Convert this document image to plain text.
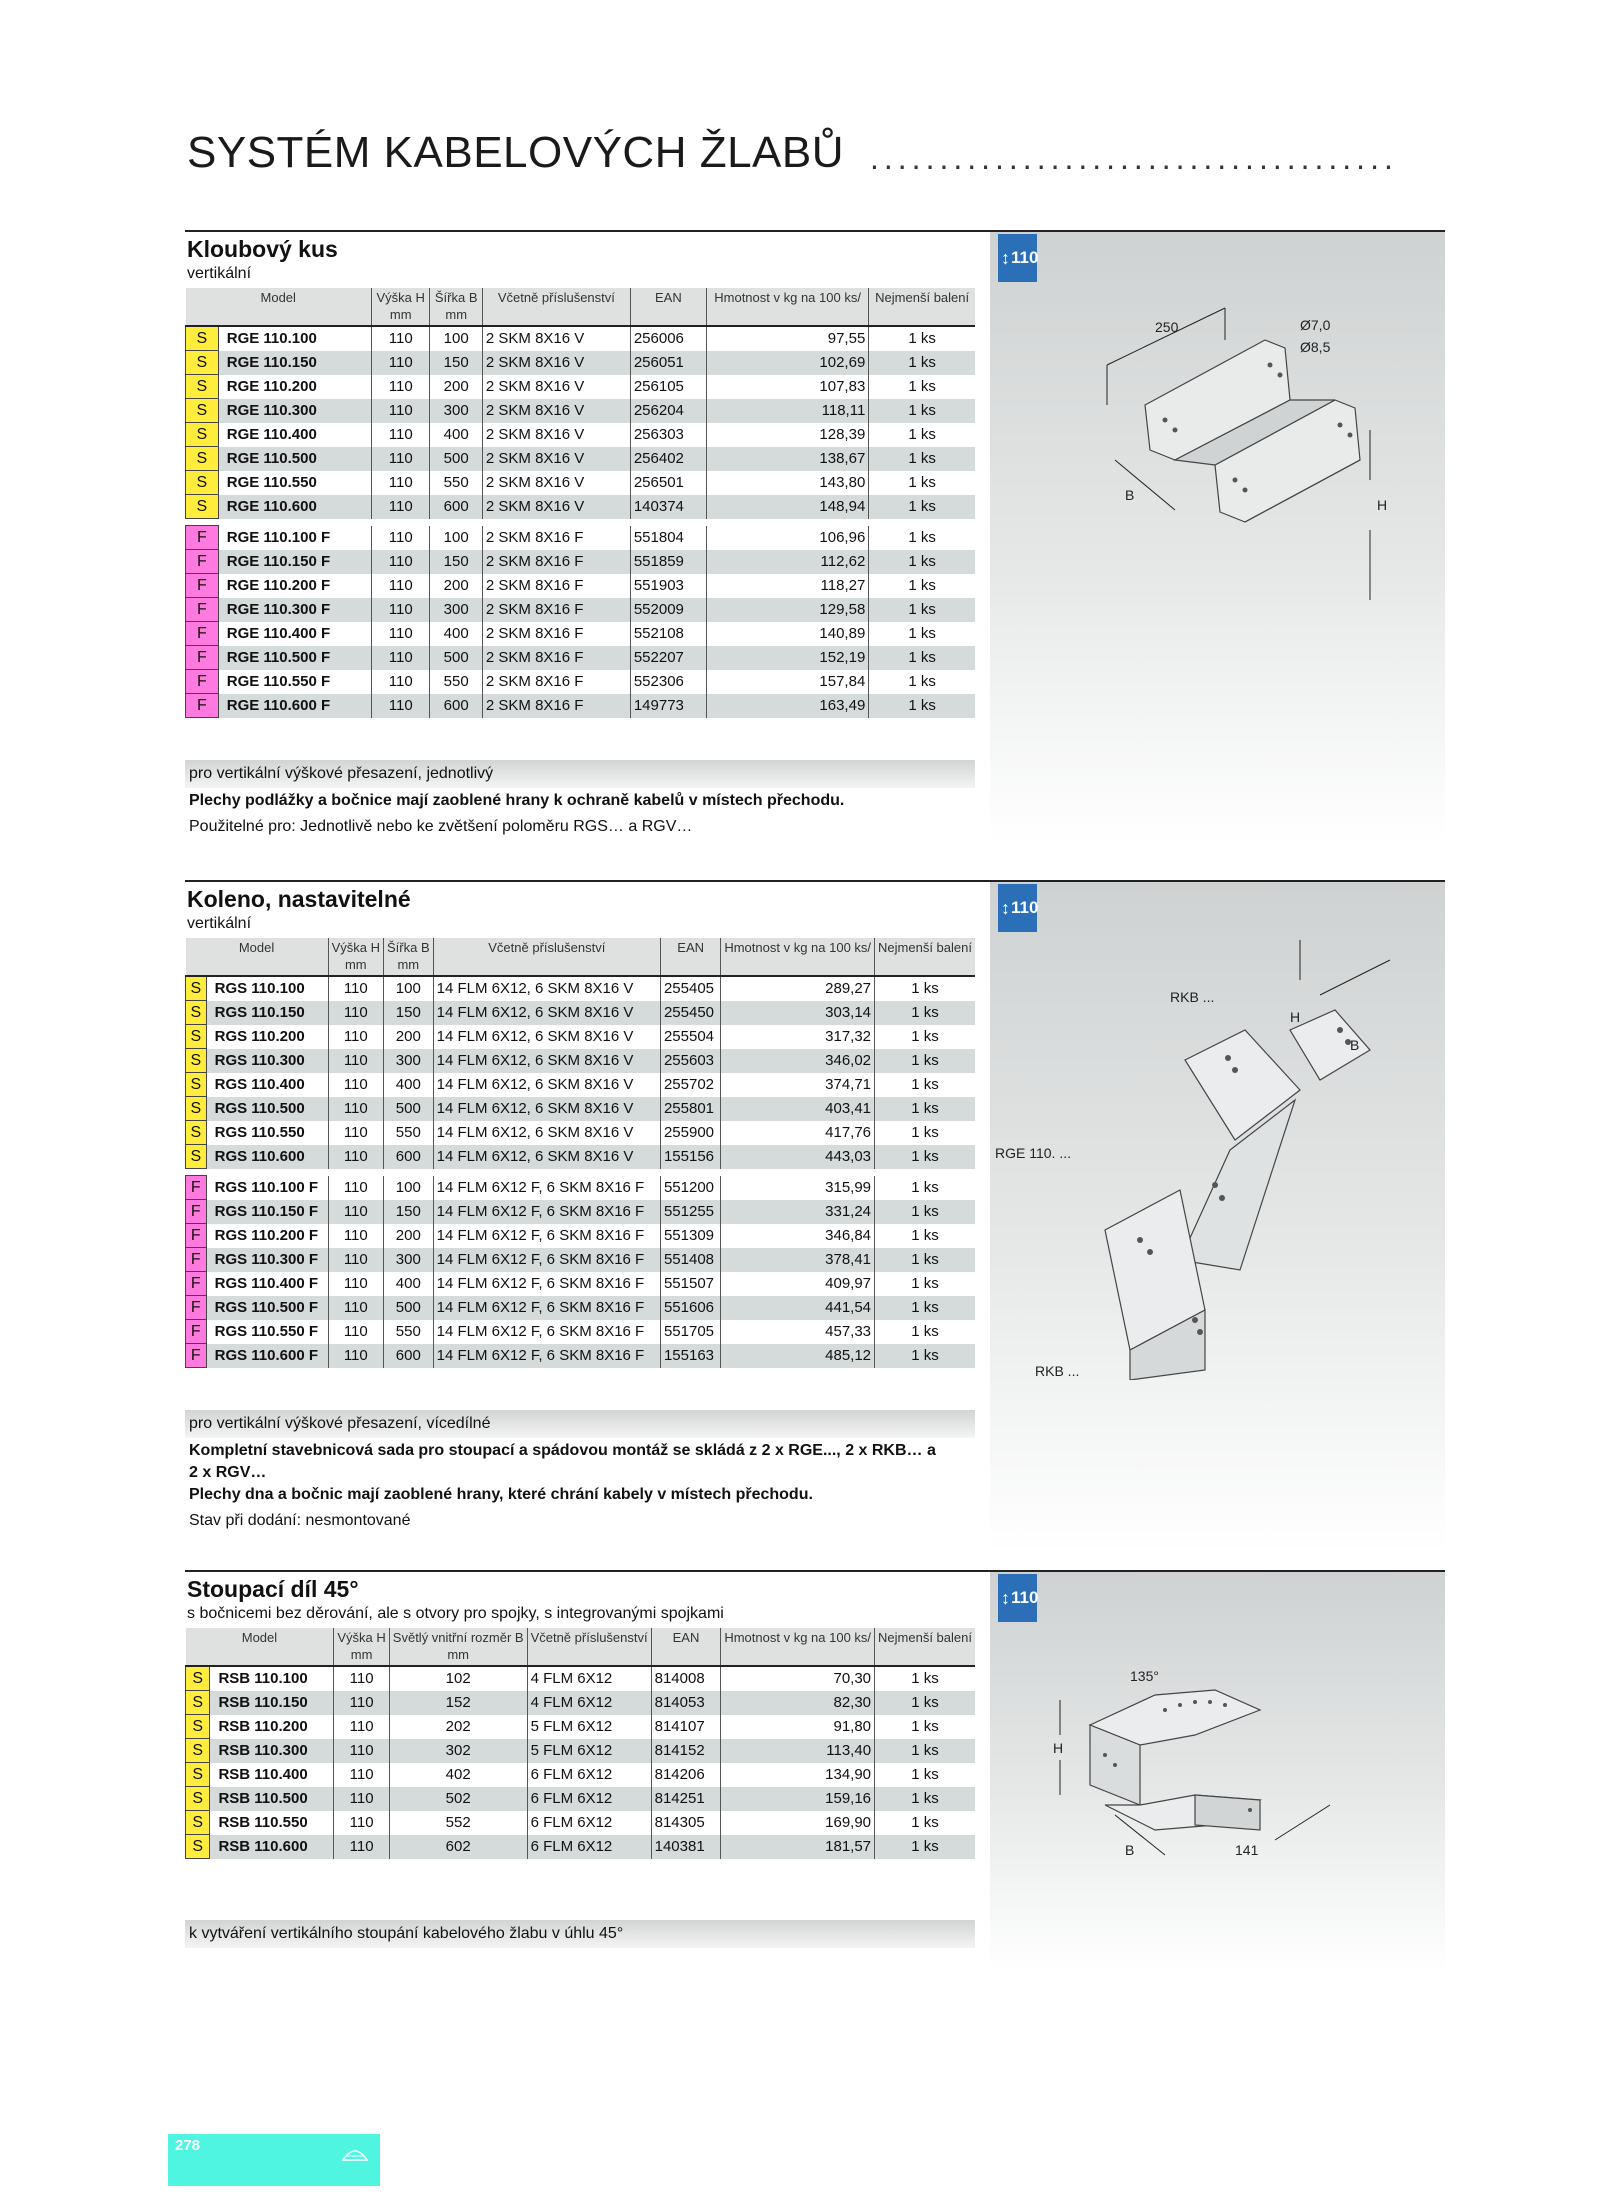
SYSTÉM KABELOVÝCH ŽLABŮ ......................................
↕ 110
Kloubový kus
vertikální
Model		Výška H	Šířka B	Včetně příslušenství	EAN	Hmotnost v kg na 100 ks/	Nejmenší balení
		mm	mm				
S	RGE 110.100	110	100	2 SKM 8X16 V	256006	97,55	1 ks
S	RGE 110.150	110	150	2 SKM 8X16 V	256051	102,69	1 ks
S	RGE 110.200	110	200	2 SKM 8X16 V	256105	107,83	1 ks
S	RGE 110.300	110	300	2 SKM 8X16 V	256204	118,11	1 ks
S	RGE 110.400	110	400	2 SKM 8X16 V	256303	128,39	1 ks
S	RGE 110.500	110	500	2 SKM 8X16 V	256402	138,67	1 ks
S	RGE 110.550	110	550	2 SKM 8X16 V	256501	143,80	1 ks
S	RGE 110.600	110	600	2 SKM 8X16 V	140374	148,94	1 ks

F	RGE 110.100 F	110	100	2 SKM 8X16 F	551804	106,96	1 ks
F	RGE 110.150 F	110	150	2 SKM 8X16 F	551859	112,62	1 ks
F	RGE 110.200 F	110	200	2 SKM 8X16 F	551903	118,27	1 ks
F	RGE 110.300 F	110	300	2 SKM 8X16 F	552009	129,58	1 ks
F	RGE 110.400 F	110	400	2 SKM 8X16 F	552108	140,89	1 ks
F	RGE 110.500 F	110	500	2 SKM 8X16 F	552207	152,19	1 ks
F	RGE 110.550 F	110	550	2 SKM 8X16 F	552306	157,84	1 ks
F	RGE 110.600 F	110	600	2 SKM 8X16 F	149773	163,49	1 ks
pro vertikální výškové přesazení, jednotlivý
Plechy podlážky a bočnice mají zaoblené hrany k ochraně kabelů v místech přechodu.
Použitelné pro: Jednotlivě nebo ke zvětšení poloměru RGS… a RGV…
250	Ø7,0
Ø8,5
B
H
↕ 110
Koleno, nastavitelné
vertikální
Model		Výška H	Šířka B	Včetně příslušenství	EAN	Hmotnost v kg na 100 ks/	Nejmenší balení
		mm	mm				
S	RGS 110.100	110	100	14 FLM 6X12, 6 SKM 8X16 V	255405	289,27	1 ks
S	RGS 110.150	110	150	14 FLM 6X12, 6 SKM 8X16 V	255450	303,14	1 ks
S	RGS 110.200	110	200	14 FLM 6X12, 6 SKM 8X16 V	255504	317,32	1 ks
S	RGS 110.300	110	300	14 FLM 6X12, 6 SKM 8X16 V	255603	346,02	1 ks
S	RGS 110.400	110	400	14 FLM 6X12, 6 SKM 8X16 V	255702	374,71	1 ks
S	RGS 110.500	110	500	14 FLM 6X12, 6 SKM 8X16 V	255801	403,41	1 ks
S	RGS 110.550	110	550	14 FLM 6X12, 6 SKM 8X16 V	255900	417,76	1 ks
S	RGS 110.600	110	600	14 FLM 6X12, 6 SKM 8X16 V	155156	443,03	1 ks

F	RGS 110.100 F	110	100	14 FLM 6X12 F, 6 SKM 8X16 F	551200	315,99	1 ks
F	RGS 110.150 F	110	150	14 FLM 6X12 F, 6 SKM 8X16 F	551255	331,24	1 ks
F	RGS 110.200 F	110	200	14 FLM 6X12 F, 6 SKM 8X16 F	551309	346,84	1 ks
F	RGS 110.300 F	110	300	14 FLM 6X12 F, 6 SKM 8X16 F	551408	378,41	1 ks
F	RGS 110.400 F	110	400	14 FLM 6X12 F, 6 SKM 8X16 F	551507	409,97	1 ks
F	RGS 110.500 F	110	500	14 FLM 6X12 F, 6 SKM 8X16 F	551606	441,54	1 ks
F	RGS 110.550 F	110	550	14 FLM 6X12 F, 6 SKM 8X16 F	551705	457,33	1 ks
F	RGS 110.600 F	110	600	14 FLM 6X12 F, 6 SKM 8X16 F	155163	485,12	1 ks
pro vertikální výškové přesazení, vícedílné
Kompletní stavebnicová sada pro stoupací a spádovou montáž se skládá z 2 x RGE..., 2 x RKB… a 2 x RGV…
Plechy dna a bočnic mají zaoblené hrany, které chrání kabely v místech přechodu.
Stav při dodání: nesmontované
RKB ...
H
B
RGE 110. ...
RKB ...
↕ 110
Stoupací díl 45°
s bočnicemi bez děrování, ale s otvory pro spojky, s integrovanými spojkami
Model		Výška H	Světlý vnitřní rozměr B	Včetně příslušenství	EAN	Hmotnost v kg na 100 ks/	Nejmenší balení
		mm	mm				
S	RSB 110.100	110	102	4 FLM 6X12	814008	70,30	1 ks
S	RSB 110.150	110	152	4 FLM 6X12	814053	82,30	1 ks
S	RSB 110.200	110	202	5 FLM 6X12	814107	91,80	1 ks
S	RSB 110.300	110	302	5 FLM 6X12	814152	113,40	1 ks
S	RSB 110.400	110	402	6 FLM 6X12	814206	134,90	1 ks
S	RSB 110.500	110	502	6 FLM 6X12	814251	159,16	1 ks
S	RSB 110.550	110	552	6 FLM 6X12	814305	169,90	1 ks
S	RSB 110.600	110	602	6 FLM 6X12	140381	181,57	1 ks
k vytváření vertikálního stoupání kabelového žlabu v úhlu 45°
135°
H
B	141
278
